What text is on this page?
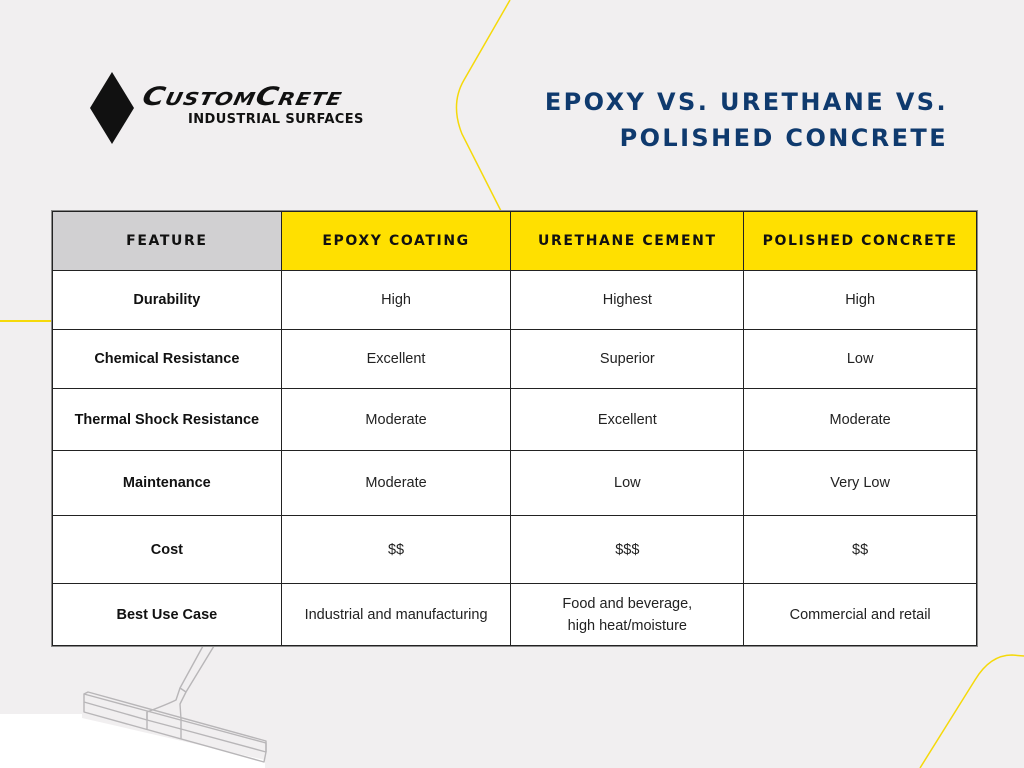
CustomCrete
INDUSTRIAL SURFACES
EPOXY VS. URETHANE VS.
POLISHED CONCRETE
FEATURE	EPOXY COATING	URETHANE CEMENT	POLISHED CONCRETE
Durability	High	Highest	High
Chemical Resistance	Excellent	Superior	Low
Thermal Shock Resistance	Moderate	Excellent	Moderate
Maintenance	Moderate	Low	Very Low
Cost	$$	$$$	$$
Best Use Case	Industrial and manufacturing	Food and beverage, high heat/moisture	Commercial and retail
